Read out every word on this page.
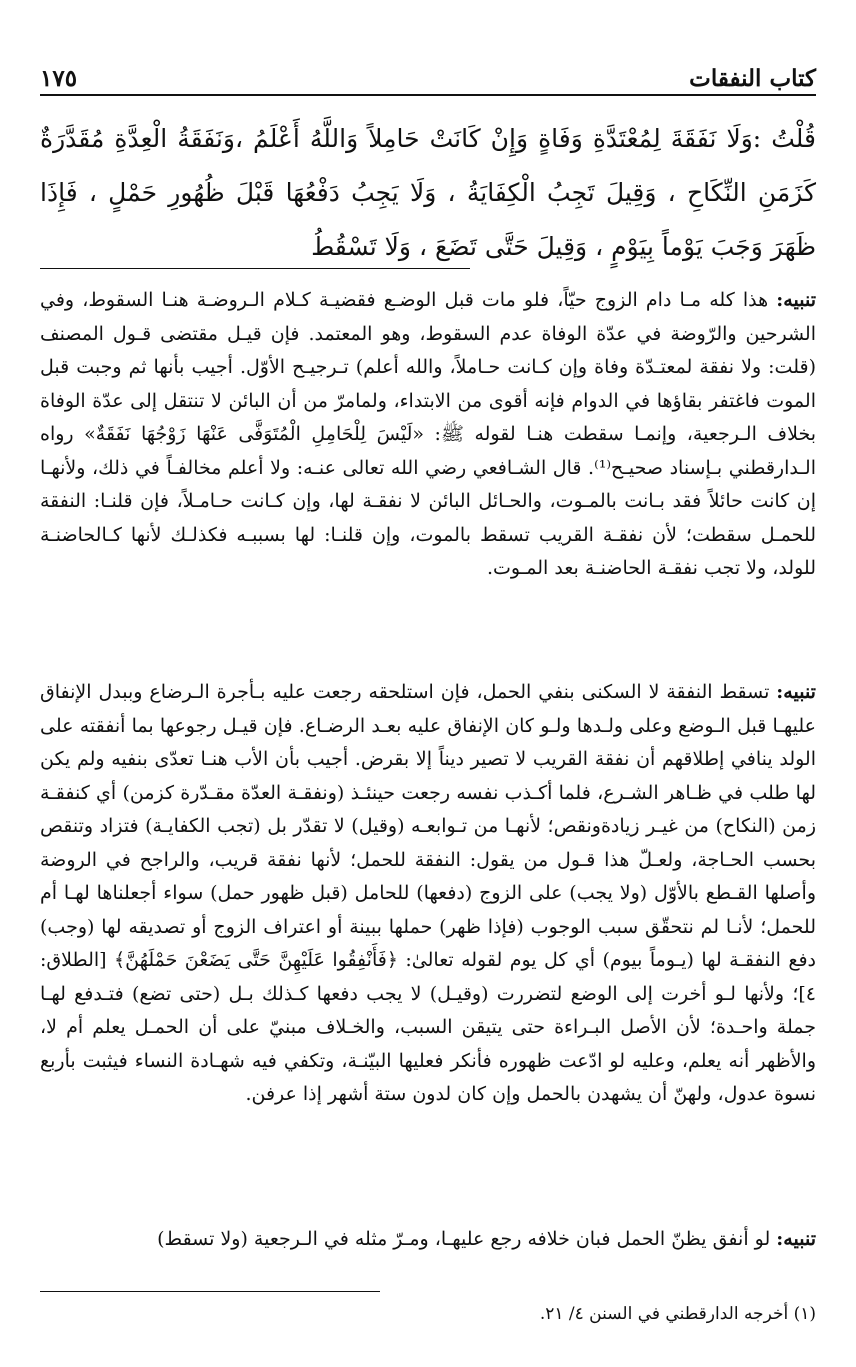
كتاب النفقات
١٧٥

قُلْتُ :وَلَا نَفَقَةَ لِمُعْتَدَّةِ وَفَاةٍ وَإِنْ كَانَتْ حَامِلاً وَاللَّهُ أَعْلَمُ ،وَنَفَقَةُ الْعِدَّةِ مُقَدَّرَةٌ كَزَمَنِ النِّكَاحِ ، وَقِيلَ تَجِبُ الْكِفَايَةُ ، وَلَا يَجِبُ دَفْعُهَا قَبْلَ ظُهُورِ حَمْلٍ ، فَإِذَا ظَهَرَ وَجَبَ يَوْماً بِيَوْمٍ ، وَقِيلَ حَتَّى تَضَعَ ، وَلَا تَسْقُطُ

تنبيه: هذا كله مـا دام الزوج حيّاً، فلو مات قبل الوضـع فقضيـة كـلام الـروضـة هنـا السقوط، وفي الشرحين والرّوضة في عدّة الوفاة عدم السقوط، وهو المعتمد. فإن قيـل مقتضى قـول المصنف (قلت: ولا نفقة لمعتـدّة وفاة وإن كـانت حـاملاً، والله أعلم) تـرجيـح الأوّل. أجيب بأنها ثم وجبت قبل الموت فاغتفر بقاؤها في الدوام فإنه أقوى من الابتداء، ولمامرّ من أن البائن لا تنتقل إلى عدّة الوفاة بخلاف الـرجعية، وإنمـا سقطت هنـا لقوله ﷺ: «لَيْسَ لِلْحَامِلِ الْمُتَوَفَّى عَنْهَا زَوْجُهَا نَفَقَةٌ» رواه الـدارقطني بـإسناد صحيـح⁽¹⁾. قال الشـافعي رضي الله تعالى عنـه: ولا أعلم مخالفـاً في ذلك، ولأنهـا إن كانت حائلاً فقد بـانت بالمـوت، والحـائل البائن لا نفقـة لها، وإن كـانت حـامـلاً، فإن قلنـا: النفقة للحمـل سقطت؛ لأن نفقـة القريب تسقط بالموت، وإن قلنـا: لها بسببـه فكذلـك لأنها كـالحاضنـة للولد، ولا تجب نفقـة الحاضنـة بعد المـوت.

تنبيه: تسقط النفقة لا السكنى بنفي الحمل، فإن استلحقه رجعت عليه بـأجرة الـرضاع وببدل الإنفاق عليهـا قبل الـوضع وعلى ولـدها ولـو كان الإنفاق عليه بعـد الرضـاع. فإن قيـل رجوعها بما أنفقته على الولد ينافي إطلاقهم أن نفقة القريب لا تصير ديناً إلا بقرض. أجيب بأن الأب هنـا تعدّى بنفيه ولم يكن لها طلب في ظـاهر الشـرع، فلما أكـذب نفسه رجعت حينئـذ (ونفقـة العدّة مقـدّرة كزمن) أي كنفقـة زمن (النكاح) من غيـر زيادةونقص؛ لأنهـا من تـوابعـه (وقيل) لا تقدّر بل (تجب الكفايـة) فتزاد وتنقص بحسب الحـاجة، ولعـلّ هذا قـول من يقول: النفقة للحمل؛ لأنها نفقة قريب، والراجح في الروضة وأصلها القـطع بالأوّل (ولا يجب) على الزوج (دفعها) للحامل (قبل ظهور حمل) سواء أجعلناها لهـا أم للحمل؛ لأنـا لم نتحقّق سبب الوجوب (فإذا ظهر) حملها ببينة أو اعتراف الزوج أو تصديقه لها (وجب) دفع النفقـة لها (يـوماً بيوم) أي كل يوم لقوله تعالىٰ: ﴿فَأَنْفِقُوا عَلَيْهِنَّ حَتَّى يَضَعْنَ حَمْلَهُنَّ﴾ [الطلاق: ٤]؛ ولأنها لـو أخرت إلى الوضع لتضررت (وقيـل) لا يجب دفعها كـذلك بـل (حتى تضع) فتـدفع لهـا جملة واحـدة؛ لأن الأصل البـراءة حتى يتيقن السبب، والخـلاف مبنيّ على أن الحمـل يعلم أم لا، والأظهر أنه يعلم، وعليه لو ادّعت ظهوره فأنكر فعليها البيّنـة، وتكفي فيه شهـادة النساء فيثبت بأربع نسوة عدول، ولهنّ أن يشهدن بالحمل وإن كان لدون ستة أشهر إذا عرفن.

تنبيه: لو أنفق يظنّ الحمل فبان خلافه رجع عليهـا، ومـرّ مثله في الـرجعية (ولا تسقط)

(١) أخرجه الدارقطني في السنن ٤/ ٢١.
